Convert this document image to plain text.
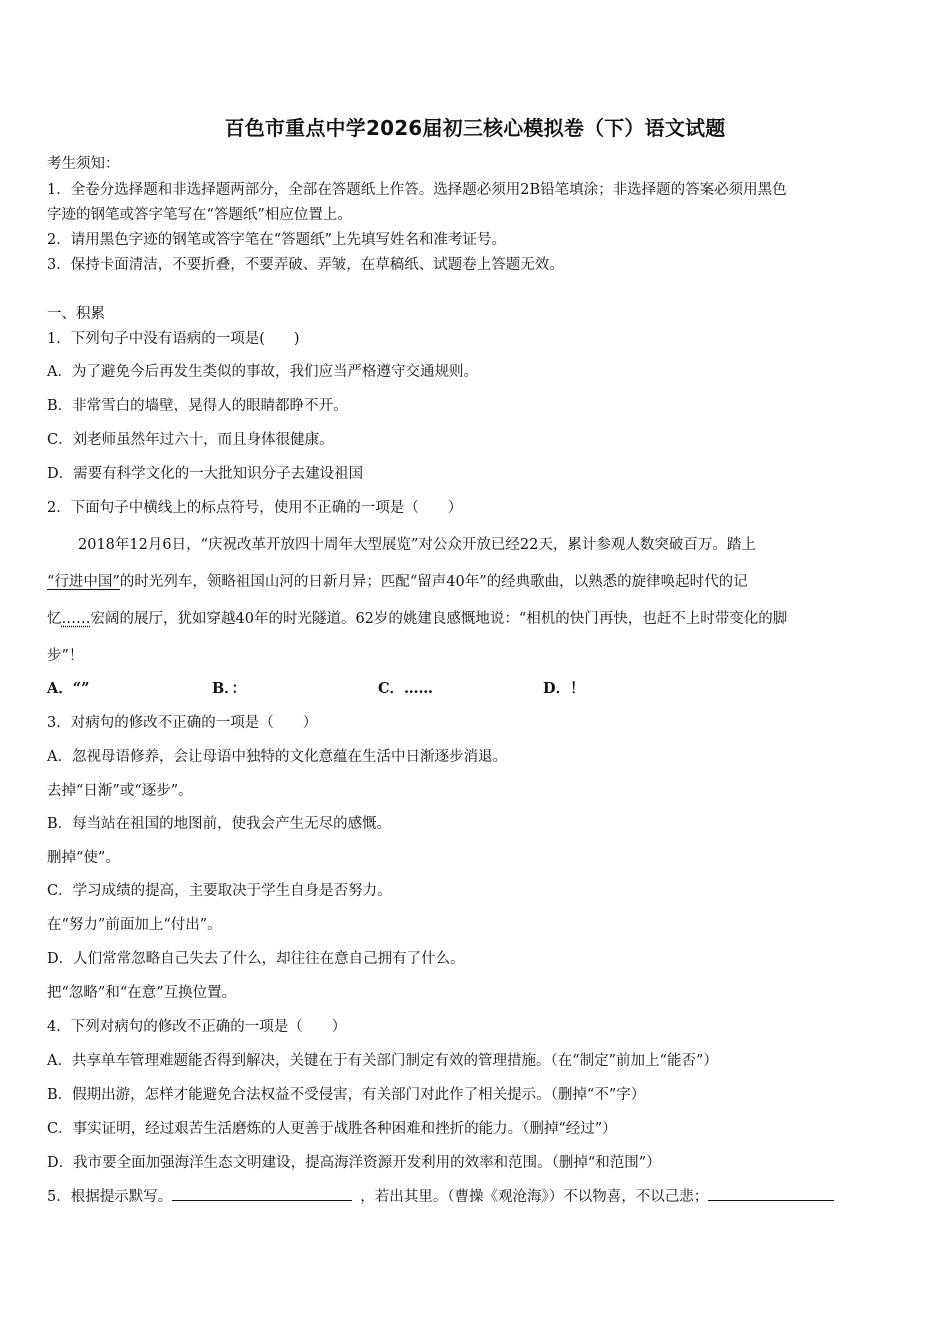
百色市重点中学2026届初三核心模拟卷（下）语文试题
考生须知：
1．全卷分选择题和非选择题两部分，全部在答题纸上作答。选择题必须用2B铅笔填涂；非选择题的答案必须用黑色
字迹的钢笔或答字笔写在“答题纸”相应位置上。
2．请用黑色字迹的钢笔或答字笔在“答题纸”上先填写姓名和准考证号。
3．保持卡面清洁，不要折叠，不要弄破、弄皱，在草稿纸、试题卷上答题无效。
一、积累
1．下列句子中没有语病的一项是(　　)
A．为了避免今后再发生类似的事故，我们应当严格遵守交通规则。
B．非常雪白的墙壁，晃得人的眼睛都睁不开。
C．刘老师虽然年过六十，而且身体很健康。
D．需要有科学文化的一大批知识分子去建设祖国
2．下面句子中横线上的标点符号，使用不正确的一项是（　　）
2018年12月6日，“庆祝改革开放四十周年大型展览”对公众开放已经22天，累计参观人数突破百万。踏上
“行进中国”的时光列车，领略祖国山河的日新月异；匹配“留声40年”的经典歌曲，以熟悉的旋律唤起时代的记
忆……宏阔的展厅，犹如穿越40年的时光隧道。62岁的姚建良感慨地说：“相机的快门再快，也赶不上时带变化的脚
步”！
A．“”	B．：	C．……	D．！
3．对病句的修改不正确的一项是（　　）
A．忽视母语修养，会让母语中独特的文化意蕴在生活中日渐逐步消退。
去掉“日渐”或“逐步”。
B．每当站在祖国的地图前，使我会产生无尽的感慨。
删掉“使”。
C．学习成绩的提高，主要取决于学生自身是否努力。
在“努力”前面加上“付出”。
D．人们常常忽略自己失去了什么，却往往在意自己拥有了什么。
把“忽略”和“在意”互换位置。
4．下列对病句的修改不正确的一项是（　　）
A．共享单车管理难题能否得到解决，关键在于有关部门制定有效的管理措施。（在“制定”前加上“能否”）
B．假期出游，怎样才能避免合法权益不受侵害，有关部门对此作了相关提示。（删掉“不”字）
C．事实证明，经过艰苦生活磨炼的人更善于战胜各种困难和挫折的能力。（删掉“经过”）
D．我市要全面加强海洋生态文明建设，提高海洋资源开发利用的效率和范围。（删掉“和范围”）
5．根据提示默写。	，若出其里。（曹操《观沧海》）不以物喜，不以己悲；
